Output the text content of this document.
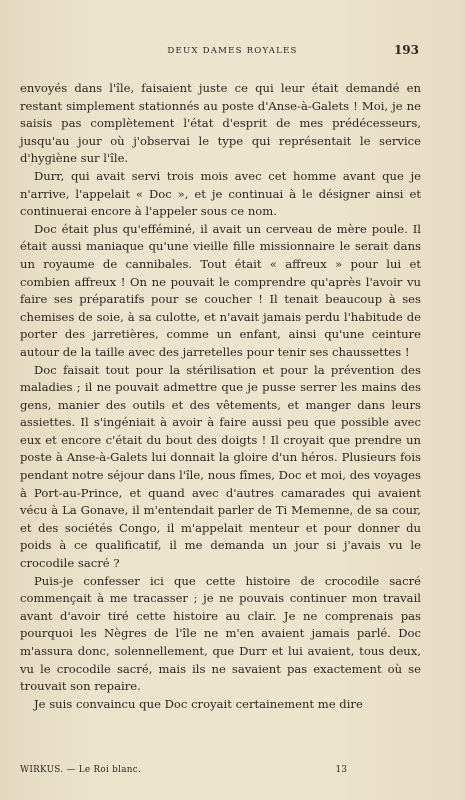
DEUX DAMES ROYALES	193

envoyés dans l'île, faisaient juste ce qui leur était demandé en restant simplement stationnés au poste d'Anse-à-Galets ! Moi, je ne saisis pas complètement l'état d'esprit de mes prédécesseurs, jusqu'au jour où j'observai le type qui représentait le service d'hygiène sur l'île.

Durr, qui avait servi trois mois avec cet homme avant que je n'arrive, l'appelait « Doc », et je continuai à le désigner ainsi et continuerai encore à l'appeler sous ce nom.

Doc était plus qu'efféminé, il avait un cerveau de mère poule. Il était aussi maniaque qu'une vieille fille missionnaire le serait dans un royaume de cannibales. Tout était « affreux » pour lui et combien affreux ! On ne pouvait le comprendre qu'après l'avoir vu faire ses préparatifs pour se coucher ! Il tenait beaucoup à ses chemises de soie, à sa culotte, et n'avait jamais perdu l'habitude de porter des jarretières, comme un enfant, ainsi qu'une ceinture autour de la taille avec des jarretelles pour tenir ses chaussettes !

Doc faisait tout pour la stérilisation et pour la prévention des maladies ; il ne pouvait admettre que je pusse serrer les mains des gens, manier des outils et des vêtements, et manger dans leurs assiettes. Il s'ingéniait à avoir à faire aussi peu que possible avec eux et encore c'était du bout des doigts ! Il croyait que prendre un poste à Anse-à-Galets lui donnait la gloire d'un héros. Plusieurs fois pendant notre séjour dans l'île, nous fîmes, Doc et moi, des voyages à Port-au-Prince, et quand avec d'autres camarades qui avaient vécu à La Gonave, il m'entendait parler de Ti Memenne, de sa cour, et des sociétés Congo, il m'appelait menteur et pour donner du poids à ce qualificatif, il me demanda un jour si j'avais vu le crocodile sacré ?

Puis-je confesser ici que cette histoire de crocodile sacré commençait à me tracasser ; je ne pouvais continuer mon travail avant d'avoir tiré cette histoire au clair. Je ne comprenais pas pourquoi les Nègres de l'île ne m'en avaient jamais parlé. Doc m'assura donc, solennellement, que Durr et lui avaient, tous deux, vu le crocodile sacré, mais ils ne savaient pas exactement où se trouvait son repaire.

Je suis convaincu que Doc croyait certainement me dire

WIRKUS. — Le Roi blanc.	13
